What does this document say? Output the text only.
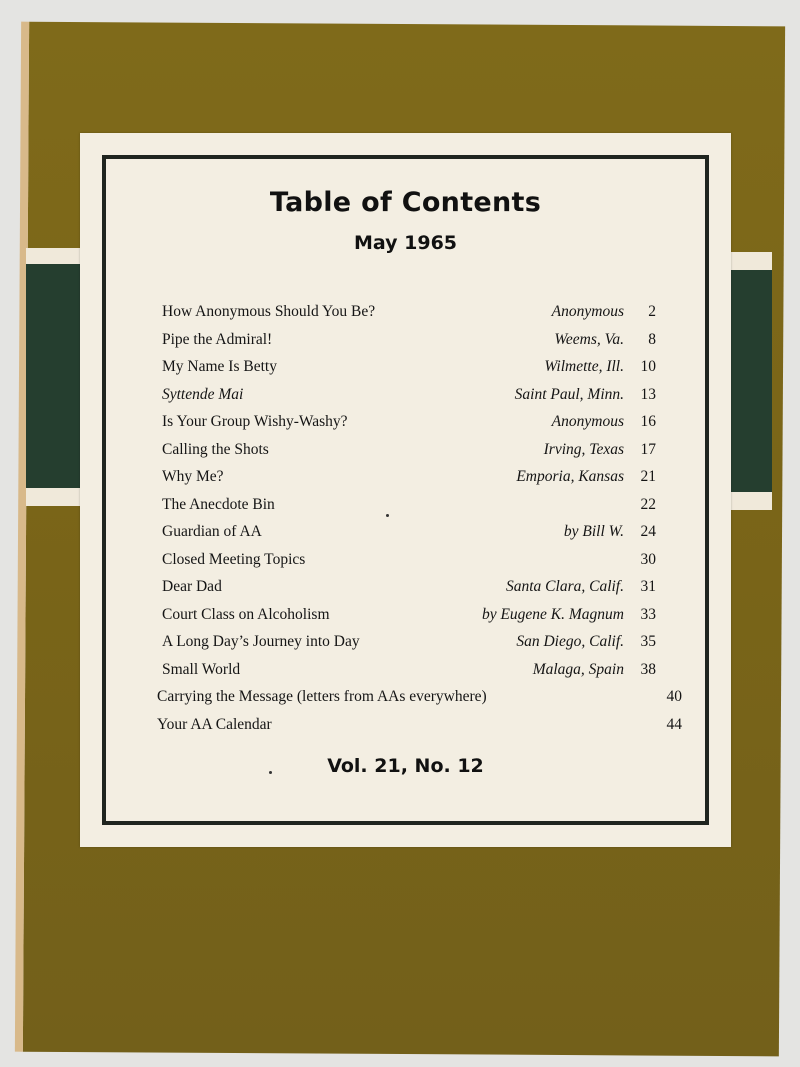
Table of Contents
May 1965
How Anonymous Should You Be?	Anonymous 2
Pipe the Admiral!	Weems, Va. 8
My Name Is Betty	Wilmette, Ill. 10
Syttende Mai	Saint Paul, Minn. 13
Is Your Group Wishy-Washy?	Anonymous 16
Calling the Shots	Irving, Texas 17
Why Me?	Emporia, Kansas 21
The Anecdote Bin	22
Guardian of AA	by Bill W. 24
Closed Meeting Topics	30
Dear Dad	Santa Clara, Calif. 31
Court Class on Alcoholism	by Eugene K. Magnum 33
A Long Day’s Journey into Day	San Diego, Calif. 35
Small World	Malaga, Spain 38
Carrying the Message (letters from AAs everywhere)	40
Your AA Calendar	44
Vol. 21, No. 12
